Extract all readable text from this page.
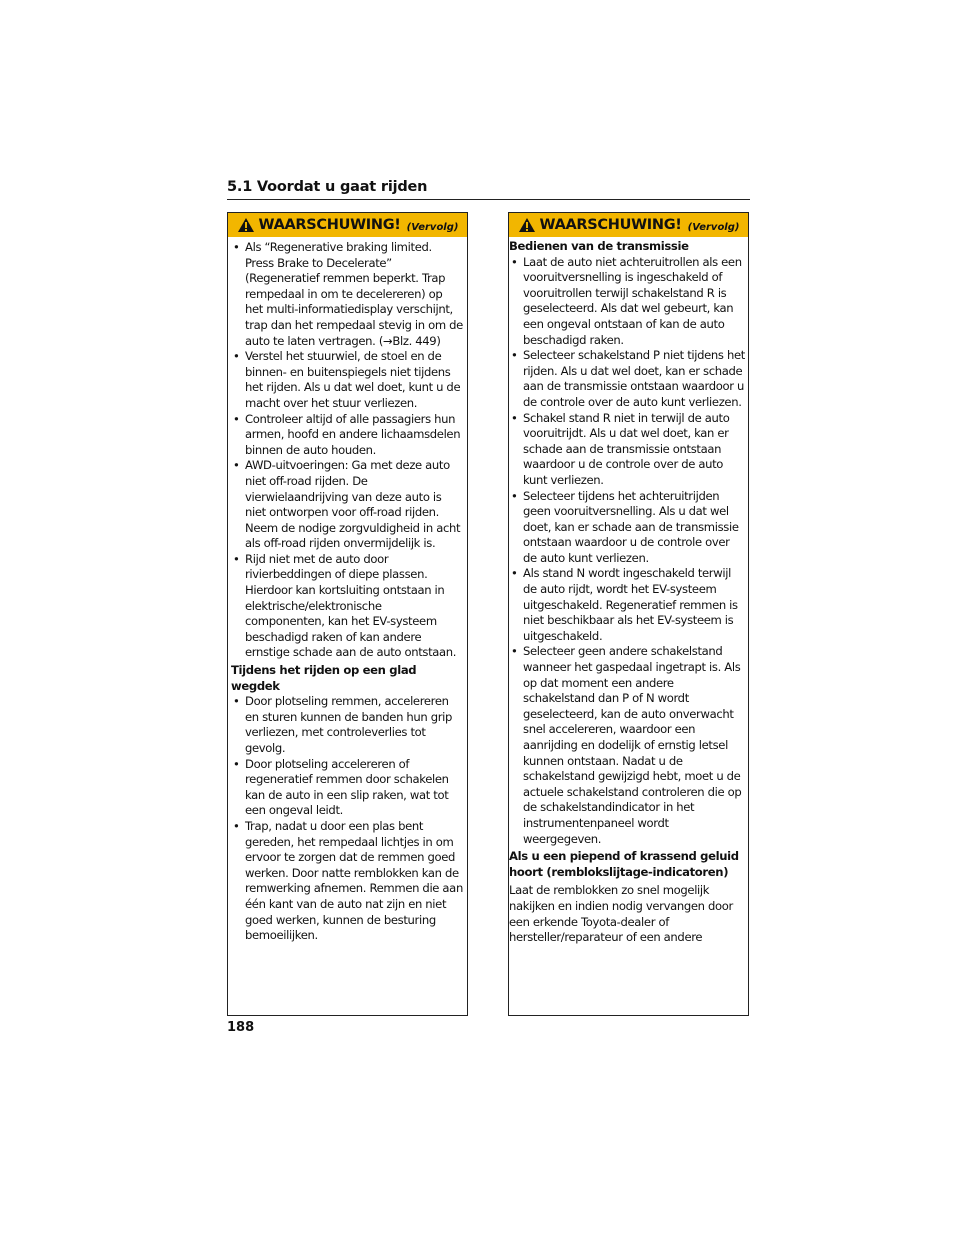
5.1 Voordat u gaat rijden
WAARSCHUWING! (Vervolg)
• Als “Regenerative braking limited. Press Brake to Decelerate” (Regeneratief remmen beperkt. Trap rempedaal in om te decelereren) op het multi-informatiedisplay verschijnt, trap dan het rempedaal stevig in om de auto te laten vertragen. (→Blz. 449)
• Verstel het stuurwiel, de stoel en de binnen- en buitenspiegels niet tijdens het rijden. Als u dat wel doet, kunt u de macht over het stuur verliezen.
• Controleer altijd of alle passagiers hun armen, hoofd en andere lichaamsdelen binnen de auto houden.
• AWD-uitvoeringen: Ga met deze auto niet off-road rijden. De vierwielaandrijving van deze auto is niet ontworpen voor off-road rijden. Neem de nodige zorgvuldigheid in acht als off-road rijden onvermijdelijk is.
• Rijd niet met de auto door rivierbeddingen of diepe plassen. Hierdoor kan kortsluiting ontstaan in elektrische/elektronische componenten, kan het EV-systeem beschadigd raken of kan andere ernstige schade aan de auto ontstaan.
Tijdens het rijden op een glad wegdek
• Door plotseling remmen, accelereren en sturen kunnen de banden hun grip verliezen, met controleverlies tot gevolg.
• Door plotseling accelereren of regeneratief remmen door schakelen kan de auto in een slip raken, wat tot een ongeval leidt.
• Trap, nadat u door een plas bent gereden, het rempedaal lichtjes in om ervoor te zorgen dat de remmen goed werken. Door natte remblokken kan de remwerking afnemen. Remmen die aan één kant van de auto nat zijn en niet goed werken, kunnen de besturing bemoeilijken.
WAARSCHUWING! (Vervolg)
Bedienen van de transmissie
• Laat de auto niet achteruitrollen als een vooruitversnelling is ingeschakeld of vooruitrollen terwijl schakelstand R is geselecteerd. Als dat wel gebeurt, kan een ongeval ontstaan of kan de auto beschadigd raken.
• Selecteer schakelstand P niet tijdens het rijden. Als u dat wel doet, kan er schade aan de transmissie ontstaan waardoor u de controle over de auto kunt verliezen.
• Schakel stand R niet in terwijl de auto vooruitrijdt. Als u dat wel doet, kan er schade aan de transmissie ontstaan waardoor u de controle over de auto kunt verliezen.
• Selecteer tijdens het achteruitrijden geen vooruitversnelling. Als u dat wel doet, kan er schade aan de transmissie ontstaan waardoor u de controle over de auto kunt verliezen.
• Als stand N wordt ingeschakeld terwijl de auto rijdt, wordt het EV-systeem uitgeschakeld. Regeneratief remmen is niet beschikbaar als het EV-systeem is uitgeschakeld.
• Selecteer geen andere schakelstand wanneer het gaspedaal ingetrapt is. Als op dat moment een andere schakelstand dan P of N wordt geselecteerd, kan de auto onverwacht snel accelereren, waardoor een aanrijding en dodelijk of ernstig letsel kunnen ontstaan. Nadat u de schakelstand gewijzigd hebt, moet u de actuele schakelstand controleren die op de schakelstandindicator in het instrumentenpaneel wordt weergegeven.
Als u een piepend of krassend geluid hoort (remblokslijtage-indicatoren)

Laat de remblokken zo snel mogelijk nakijken en indien nodig vervangen door een erkende Toyota-dealer of hersteller/reparateur of een andere

188
